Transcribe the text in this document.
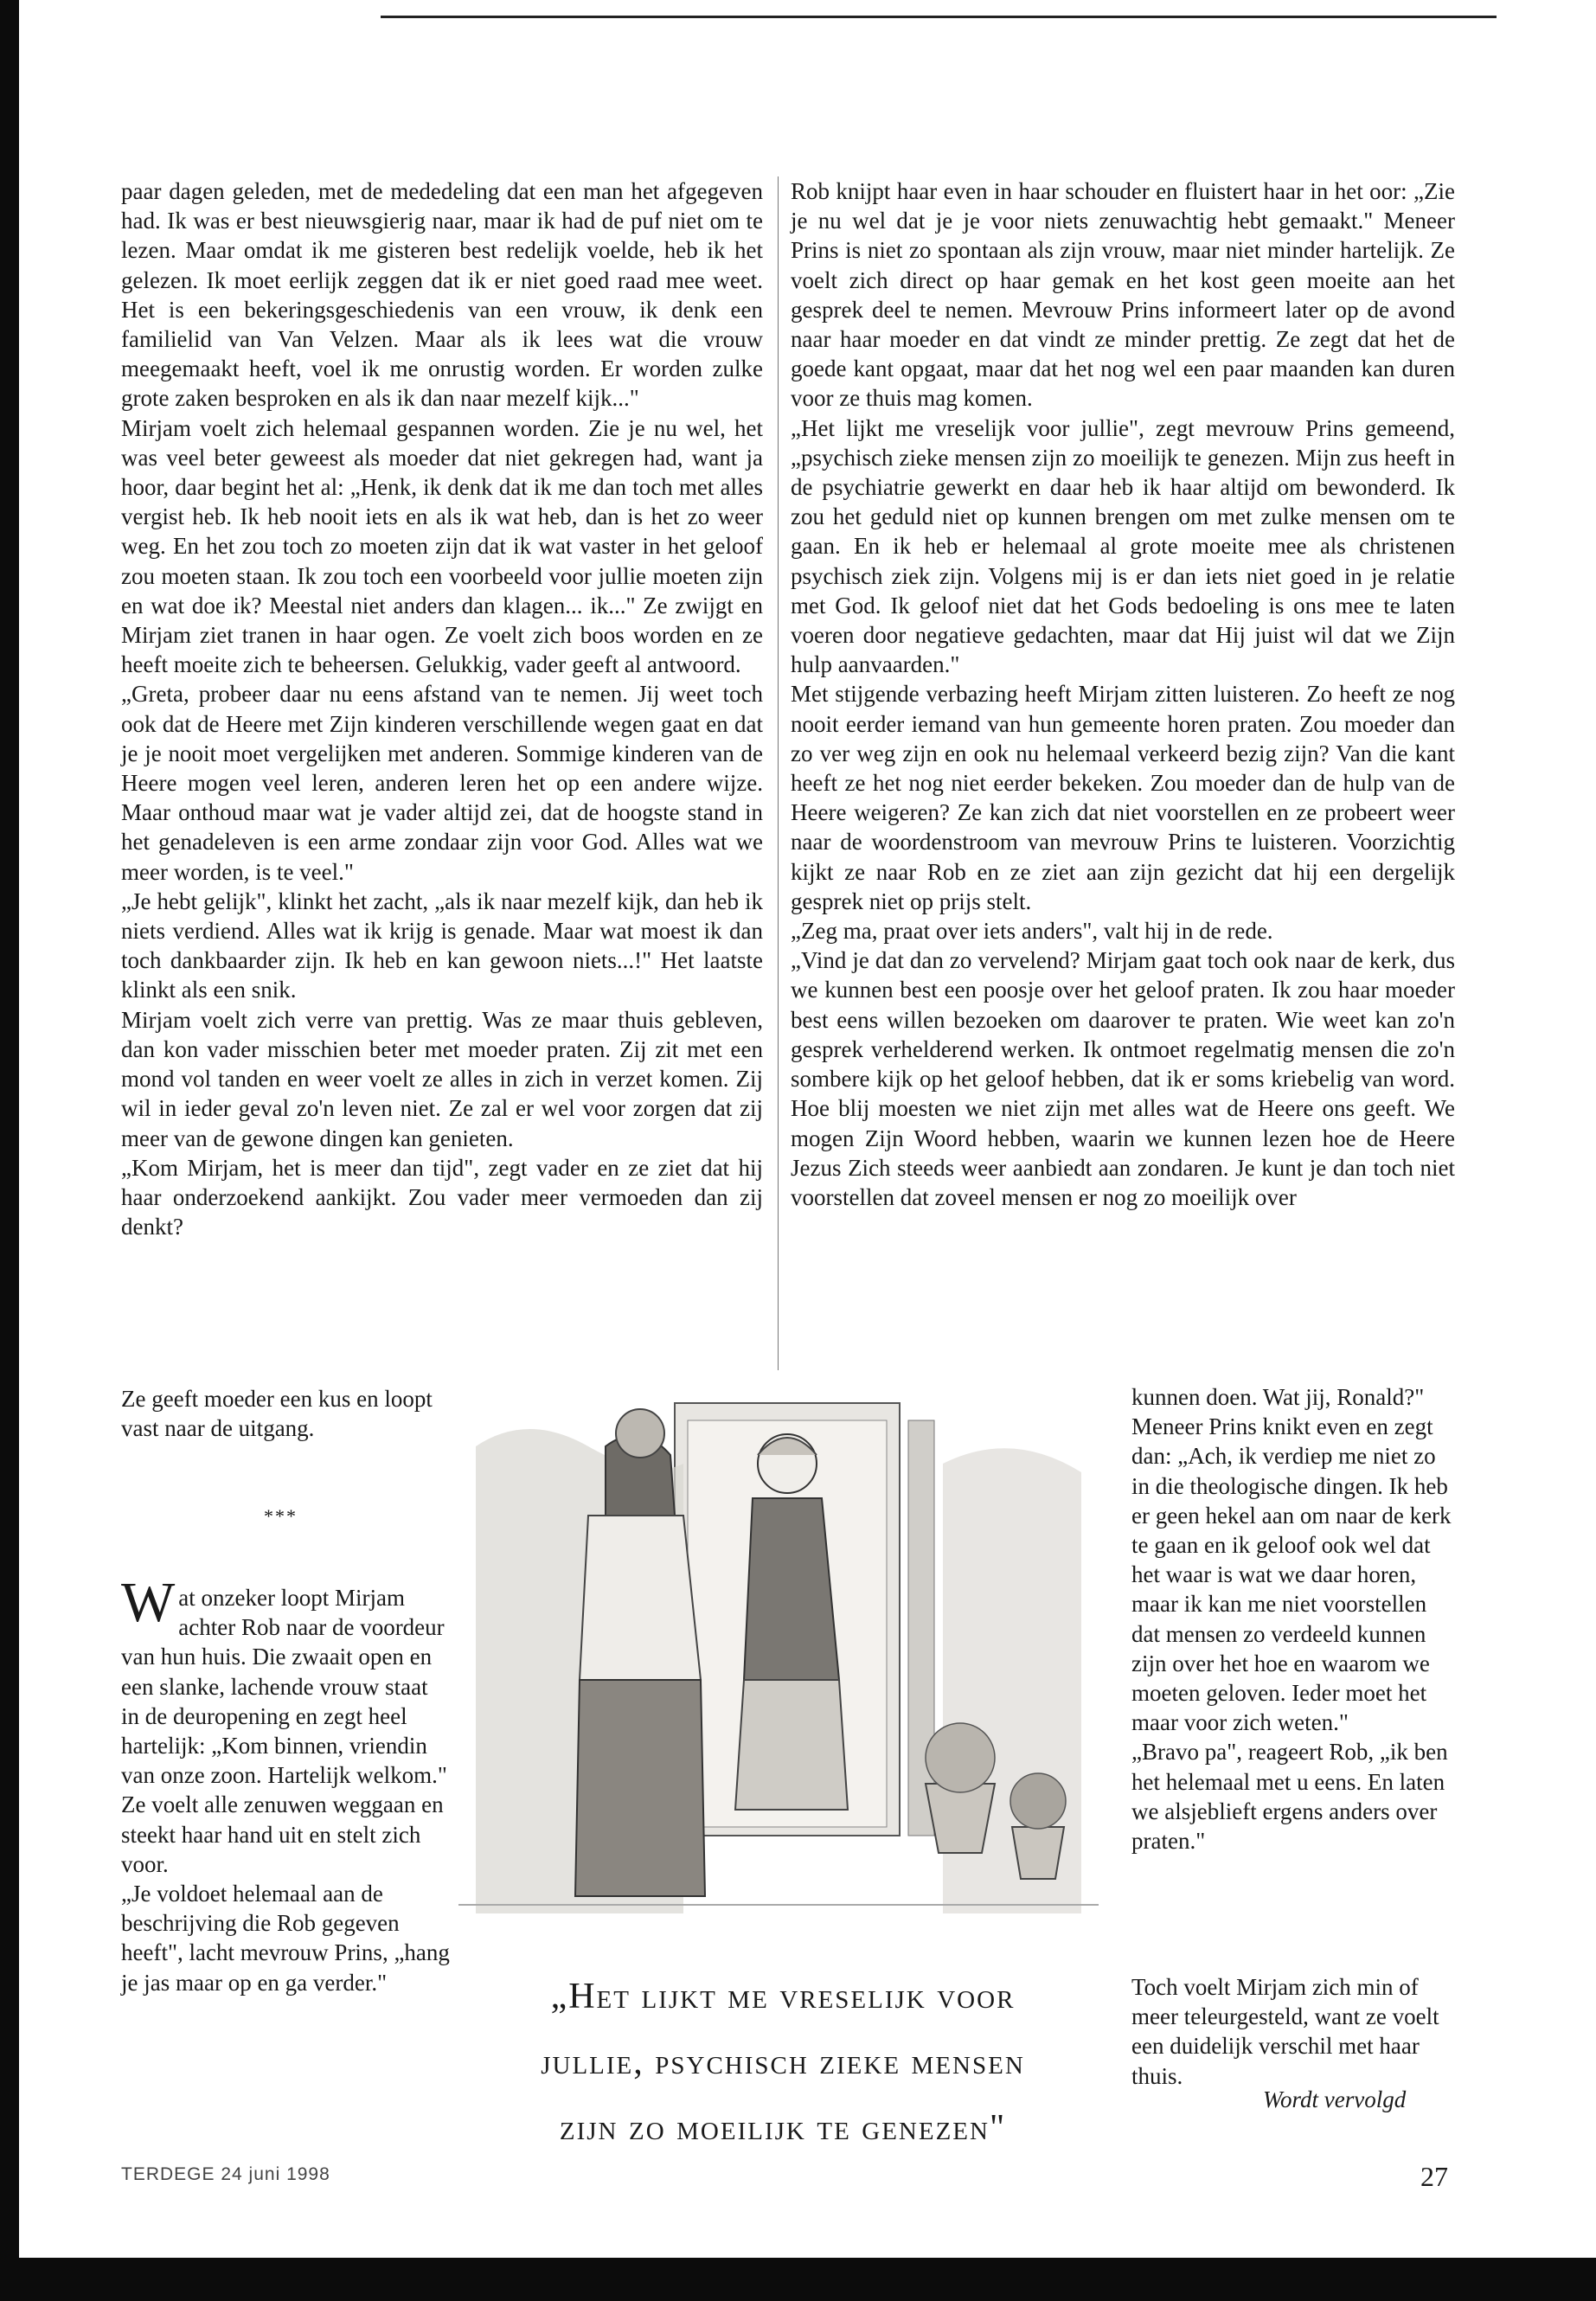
paar dagen geleden, met de mededeling dat een man het afgegeven had. Ik was er best nieuwsgierig naar, maar ik had de puf niet om te lezen. Maar omdat ik me gisteren best redelijk voelde, heb ik het gelezen. Ik moet eerlijk zeggen dat ik er niet goed raad mee weet. Het is een bekeringsgeschiedenis van een vrouw, ik denk een familielid van Van Velzen. Maar als ik lees wat die vrouw meegemaakt heeft, voel ik me onrustig worden. Er worden zulke grote zaken besproken en als ik dan naar mezelf kijk..."

Mirjam voelt zich helemaal gespannen worden. Zie je nu wel, het was veel beter geweest als moeder dat niet gekregen had, want ja hoor, daar begint het al: „Henk, ik denk dat ik me dan toch met alles vergist heb. Ik heb nooit iets en als ik wat heb, dan is het zo weer weg. En het zou toch zo moeten zijn dat ik wat vaster in het geloof zou moeten staan. Ik zou toch een voorbeeld voor jullie moeten zijn en wat doe ik? Meestal niet anders dan klagen... ik..." Ze zwijgt en Mirjam ziet tranen in haar ogen. Ze voelt zich boos worden en ze heeft moeite zich te beheersen. Gelukkig, vader geeft al antwoord.

„Greta, probeer daar nu eens afstand van te nemen. Jij weet toch ook dat de Heere met Zijn kinderen verschillende wegen gaat en dat je je nooit moet vergelijken met anderen. Sommige kinderen van de Heere mogen veel leren, anderen leren het op een andere wijze. Maar onthoud maar wat je vader altijd zei, dat de hoogste stand in het genadeleven is een arme zondaar zijn voor God. Alles wat we meer worden, is te veel."

„Je hebt gelijk", klinkt het zacht, „als ik naar mezelf kijk, dan heb ik niets verdiend. Alles wat ik krijg is genade. Maar wat moest ik dan toch dankbaarder zijn. Ik heb en kan gewoon niets...!" Het laatste klinkt als een snik.

Mirjam voelt zich verre van prettig. Was ze maar thuis gebleven, dan kon vader misschien beter met moeder praten. Zij zit met een mond vol tanden en weer voelt ze alles in zich in verzet komen. Zij wil in ieder geval zo'n leven niet. Ze zal er wel voor zorgen dat zij meer van de gewone dingen kan genieten.

„Kom Mirjam, het is meer dan tijd", zegt vader en ze ziet dat hij haar onderzoekend aankijkt. Zou vader meer vermoeden dan zij denkt?

Ze geeft moeder een kus en loopt vast naar de uitgang.

***

Wat onzeker loopt Mirjam achter Rob naar de voordeur van hun huis. Die zwaait open en een slanke, lachende vrouw staat in de deuropening en zegt heel hartelijk: „Kom binnen, vriendin van onze zoon. Hartelijk welkom."

Ze voelt alle zenuwen weggaan en steekt haar hand uit en stelt zich voor.

„Je voldoet helemaal aan de beschrijving die Rob gegeven heeft", lacht mevrouw Prins, „hang je jas maar op en ga verder."

Rob knijpt haar even in haar schouder en fluistert haar in het oor: „Zie je nu wel dat je je voor niets zenuwachtig hebt gemaakt." Meneer Prins is niet zo spontaan als zijn vrouw, maar niet minder hartelijk. Ze voelt zich direct op haar gemak en het kost geen moeite aan het gesprek deel te nemen. Mevrouw Prins informeert later op de avond naar haar moeder en dat vindt ze minder prettig. Ze zegt dat het de goede kant opgaat, maar dat het nog wel een paar maanden kan duren voor ze thuis mag komen.

„Het lijkt me vreselijk voor jullie", zegt mevrouw Prins gemeend, „psychisch zieke mensen zijn zo moeilijk te genezen. Mijn zus heeft in de psychiatrie gewerkt en daar heb ik haar altijd om bewonderd. Ik zou het geduld niet op kunnen brengen om met zulke mensen om te gaan. En ik heb er helemaal al grote moeite mee als christenen psychisch ziek zijn. Volgens mij is er dan iets niet goed in je relatie met God. Ik geloof niet dat het Gods bedoeling is ons mee te laten voeren door negatieve gedachten, maar dat Hij juist wil dat we Zijn hulp aanvaarden."

Met stijgende verbazing heeft Mirjam zitten luisteren. Zo heeft ze nog nooit eerder iemand van hun gemeente horen praten. Zou moeder dan zo ver weg zijn en ook nu helemaal verkeerd bezig zijn? Van die kant heeft ze het nog niet eerder bekeken. Zou moeder dan de hulp van de Heere weigeren? Ze kan zich dat niet voorstellen en ze probeert weer naar de woordenstroom van mevrouw Prins te luisteren. Voorzichtig kijkt ze naar Rob en ze ziet aan zijn gezicht dat hij een dergelijk gesprek niet op prijs stelt.

„Zeg ma, praat over iets anders", valt hij in de rede.

„Vind je dat dan zo vervelend? Mirjam gaat toch ook naar de kerk, dus we kunnen best een poosje over het geloof praten. Ik zou haar moeder best eens willen bezoeken om daarover te praten. Wie weet kan zo'n gesprek verhelderend werken. Ik ontmoet regelmatig mensen die zo'n sombere kijk op het geloof hebben, dat ik er soms kriebelig van word. Hoe blij moesten we niet zijn met alles wat de Heere ons geeft. We mogen Zijn Woord hebben, waarin we kunnen lezen hoe de Heere Jezus Zich steeds weer aanbiedt aan zondaren. Je kunt je dan toch niet voorstellen dat zoveel mensen er nog zo moeilijk over

kunnen doen. Wat jij, Ronald?"

Meneer Prins knikt even en zegt dan: „Ach, ik verdiep me niet zo in die theologische dingen. Ik heb er geen hekel aan om naar de kerk te gaan en ik geloof ook wel dat het waar is wat we daar horen, maar ik kan me niet voorstellen dat mensen zo verdeeld kunnen zijn over het hoe en waarom we moeten geloven. Ieder moet het maar voor zich weten."

„Bravo pa", reageert Rob, „ik ben het helemaal met u eens. En laten we alsjeblieft ergens anders over praten."

„Het lijkt me vreselijk voor
jullie, psychisch zieke mensen
zijn zo moeilijk te genezen"
Toch voelt Mirjam zich min of meer teleurgesteld, want ze voelt een duidelijk verschil met haar thuis.
Wordt vervolgd
TERDEGE 24 juni 1998	27
